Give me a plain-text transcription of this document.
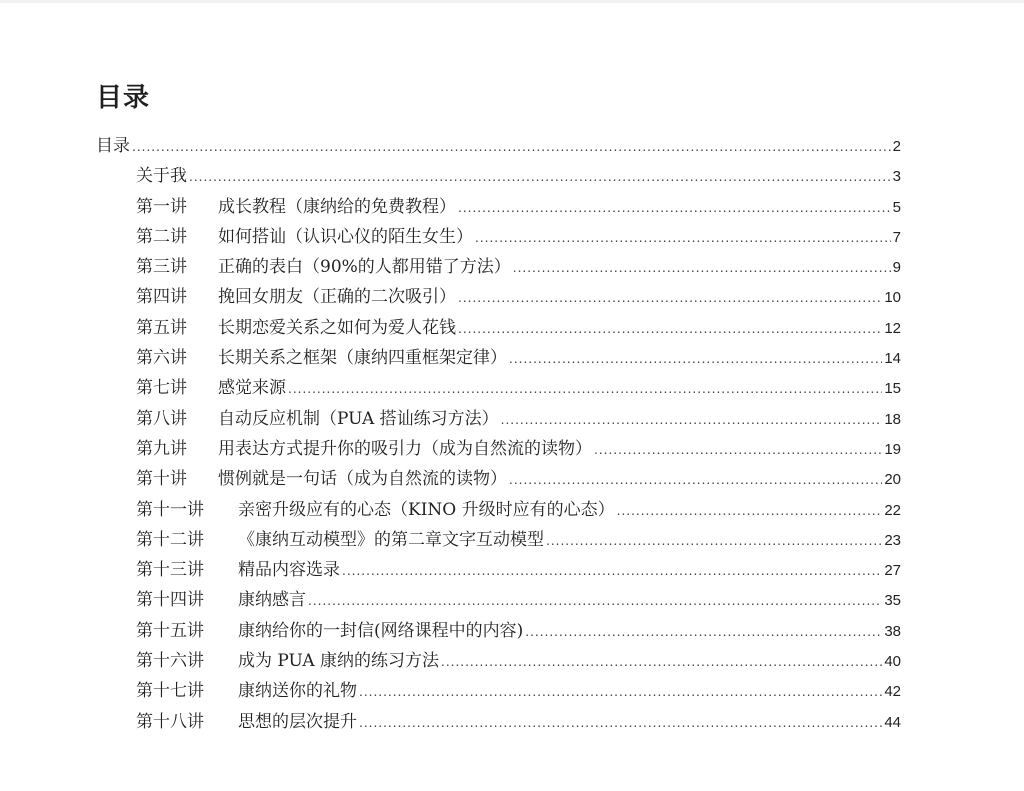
目录
目录 .....	2
关于我 .....	3
第一讲	成长教程（康纳给的免费教程） .....	5
第二讲	如何搭讪（认识心仪的陌生女生） .....	7
第三讲	正确的表白（90%的人都用错了方法） .....	9
第四讲	挽回女朋友（正确的二次吸引） .....	10
第五讲	长期恋爱关系之如何为爱人花钱 .....	12
第六讲	长期关系之框架（康纳四重框架定律） .....	14
第七讲	感觉来源 .....	15
第八讲	自动反应机制（PUA 搭讪练习方法） .....	18
第九讲	用表达方式提升你的吸引力（成为自然流的读物） .....	19
第十讲	惯例就是一句话（成为自然流的读物） .....	20
第十一讲	亲密升级应有的心态（KINO 升级时应有的心态） .....	22
第十二讲	《康纳互动模型》的第二章文字互动模型 .....	23
第十三讲	精品内容选录 .....	27
第十四讲	康纳感言 .....	35
第十五讲	康纳给你的一封信(网络课程中的内容) .....	38
第十六讲	成为 PUA 康纳的练习方法 .....	40
第十七讲	康纳送你的礼物 .....	42
第十八讲	思想的层次提升 .....	44
